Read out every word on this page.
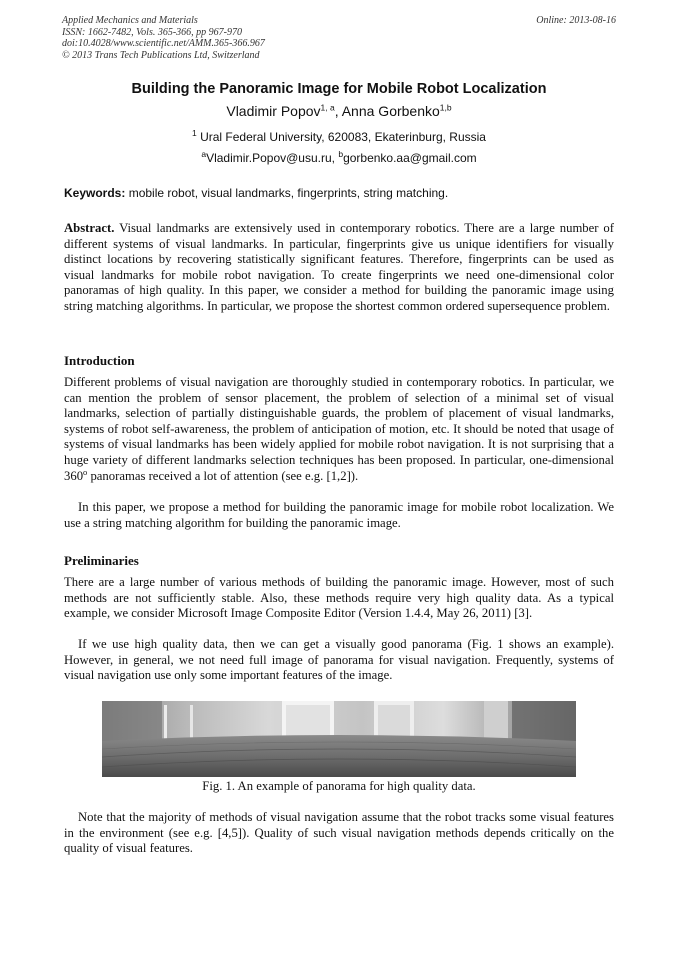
Applied Mechanics and Materials
ISSN: 1662-7482, Vols. 365-366, pp 967-970
doi:10.4028/www.scientific.net/AMM.365-366.967
© 2013 Trans Tech Publications Ltd, Switzerland
Online: 2013-08-16
Building the Panoramic Image for Mobile Robot Localization
Vladimir Popov$^{1, a}$, Anna Gorbenko$^{1,b}$
$^1$ Ural Federal University, 620083, Ekaterinburg, Russia
$^a$Vladimir.Popov@usu.ru, $^b$gorbenko.aa@gmail.com
Keywords: mobile robot, visual landmarks, fingerprints, string matching.
Abstract. Visual landmarks are extensively used in contemporary robotics. There are a large number of different systems of visual landmarks. In particular, fingerprints give us unique identifiers for visually distinct locations by recovering statistically significant features. Therefore, fingerprints can be used as visual landmarks for mobile robot navigation. To create fingerprints we need one-dimensional color panoramas of high quality. In this paper, we consider a method for building the panoramic image using string matching algorithms. In particular, we propose the shortest common ordered supersequence problem.
Introduction
Different problems of visual navigation are thoroughly studied in contemporary robotics. In particular, we can mention the problem of sensor placement, the problem of selection of a minimal set of visual landmarks, selection of partially distinguishable guards, the problem of placement of visual landmarks, systems of robot self-awareness, the problem of anticipation of motion, etc. It should be noted that usage of systems of visual landmarks has been widely applied for mobile robot navigation. It is not surprising that a huge variety of different landmarks selection techniques has been proposed. In particular, one-dimensional 360$^o$ panoramas received a lot of attention (see e.g. [1,2]).
In this paper, we propose a method for building the panoramic image for mobile robot localization. We use a string matching algorithm for building the panoramic image.
Preliminaries
There are a large number of various methods of building the panoramic image. However, most of such methods are not sufficiently stable. Also, these methods require very high quality data. As a typical example, we consider Microsoft Image Composite Editor (Version 1.4.4, May 26, 2011) [3].
If we use high quality data, then we can get a visually good panorama (Fig. 1 shows an example). However, in general, we not need full image of panorama for visual navigation. Frequently, systems of visual navigation use only some important features of the image.
Fig. 1. An example of panorama for high quality data.
Note that the majority of methods of visual navigation assume that the robot tracks some visual features in the environment (see e.g. [4,5]). Quality of such visual navigation methods depends critically on the quality of visual features.
